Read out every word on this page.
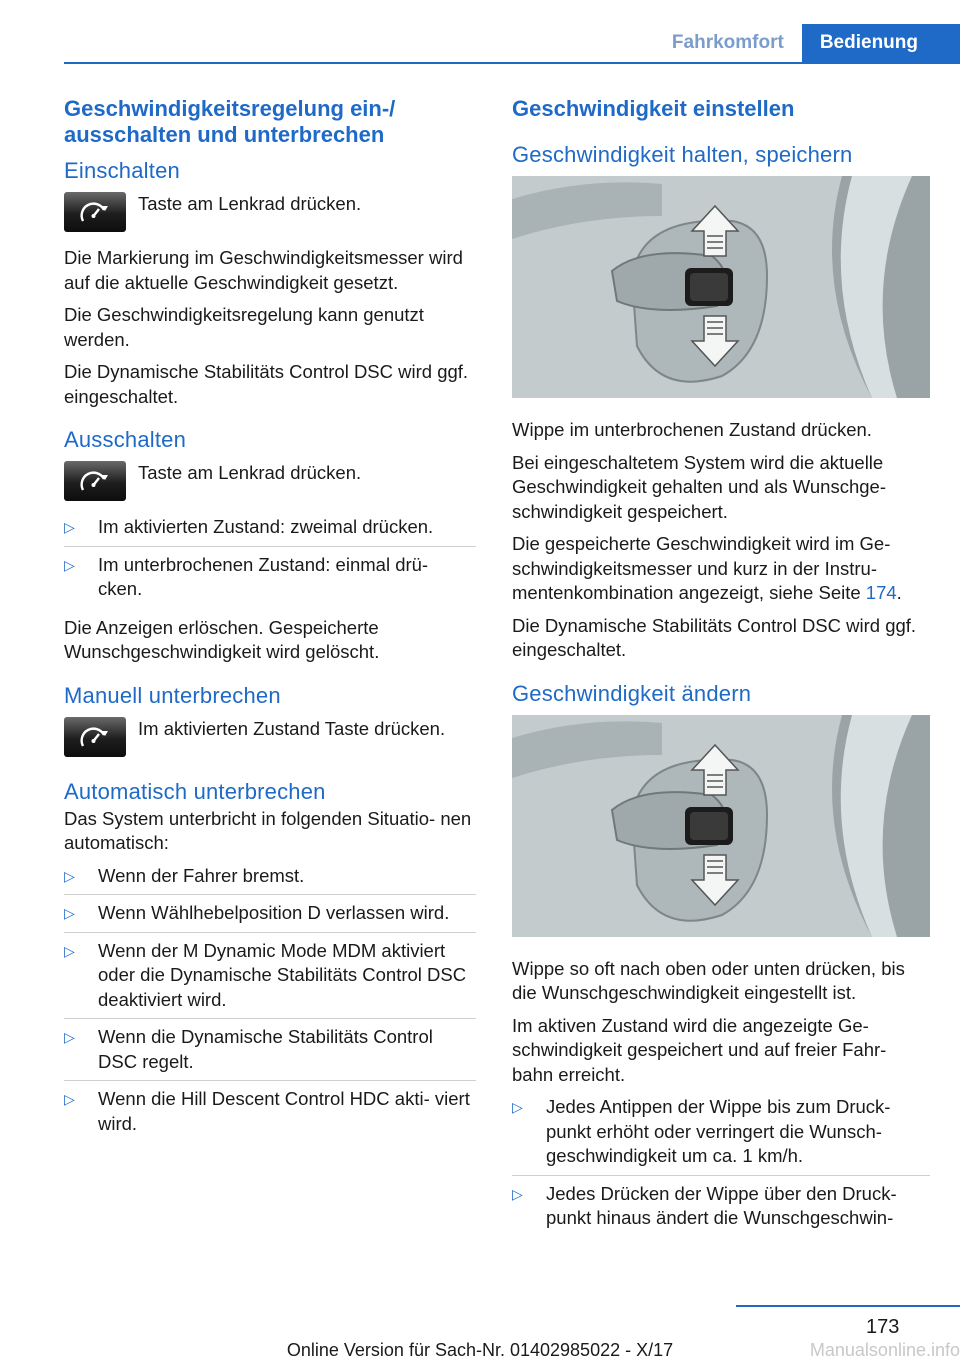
Fahrkomfort	Bedienung
Geschwindigkeitsregelung ein-/ ausschalten und unterbrechen
Einschalten

Taste am Lenkrad drücken.

Die Markierung im Geschwindigkeitsmesser wird auf die aktuelle Geschwindigkeit gesetzt.

Die Geschwindigkeitsregelung kann genutzt werden.

Die Dynamische Stabilitäts Control DSC wird ggf. eingeschaltet.

Ausschalten

Taste am Lenkrad drücken.

▷	Im aktivierten Zustand: zweimal drücken.
▷	Im unterbrochenen Zustand: einmal drü‐ cken.

Die Anzeigen erlöschen. Gespeicherte Wunschgeschwindigkeit wird gelöscht.

Manuell unterbrechen

Im aktivierten Zustand Taste drücken.

Automatisch unterbrechen

Das System unterbricht in folgenden Situatio‐ nen automatisch:

▷	Wenn der Fahrer bremst.
▷	Wenn Wählhebelposition D verlassen wird.
▷	Wenn der M Dynamic Mode MDM aktiviert oder die Dynamische Stabilitäts Control DSC deaktiviert wird.
▷	Wenn die Dynamische Stabilitäts Control DSC regelt.
▷	Wenn die Hill Descent Control HDC akti‐ viert wird.
Geschwindigkeit einstellen
Geschwindigkeit halten, speichern

Wippe im unterbrochenen Zustand drücken.

Bei eingeschaltetem System wird die aktuelle Geschwindigkeit gehalten und als Wunschge‐ schwindigkeit gespeichert.

Die gespeicherte Geschwindigkeit wird im Ge‐ schwindigkeitsmesser und kurz in der Instru‐ mentenkombination angezeigt, siehe Seite 174.

Die Dynamische Stabilitäts Control DSC wird ggf. eingeschaltet.

Geschwindigkeit ändern

Wippe so oft nach oben oder unten drücken, bis die Wunschgeschwindigkeit eingestellt ist.

Im aktiven Zustand wird die angezeigte Ge‐ schwindigkeit gespeichert und auf freier Fahr‐ bahn erreicht.

▷	Jedes Antippen der Wippe bis zum Druck‐ punkt erhöht oder verringert die Wunsch‐ geschwindigkeit um ca. 1 km/h.
▷	Jedes Drücken der Wippe über den Druck‐ punkt hinaus ändert die Wunschgeschwin‐
173
Online Version für Sach-Nr. 01402985022 - X/17	Manualsonline.info
